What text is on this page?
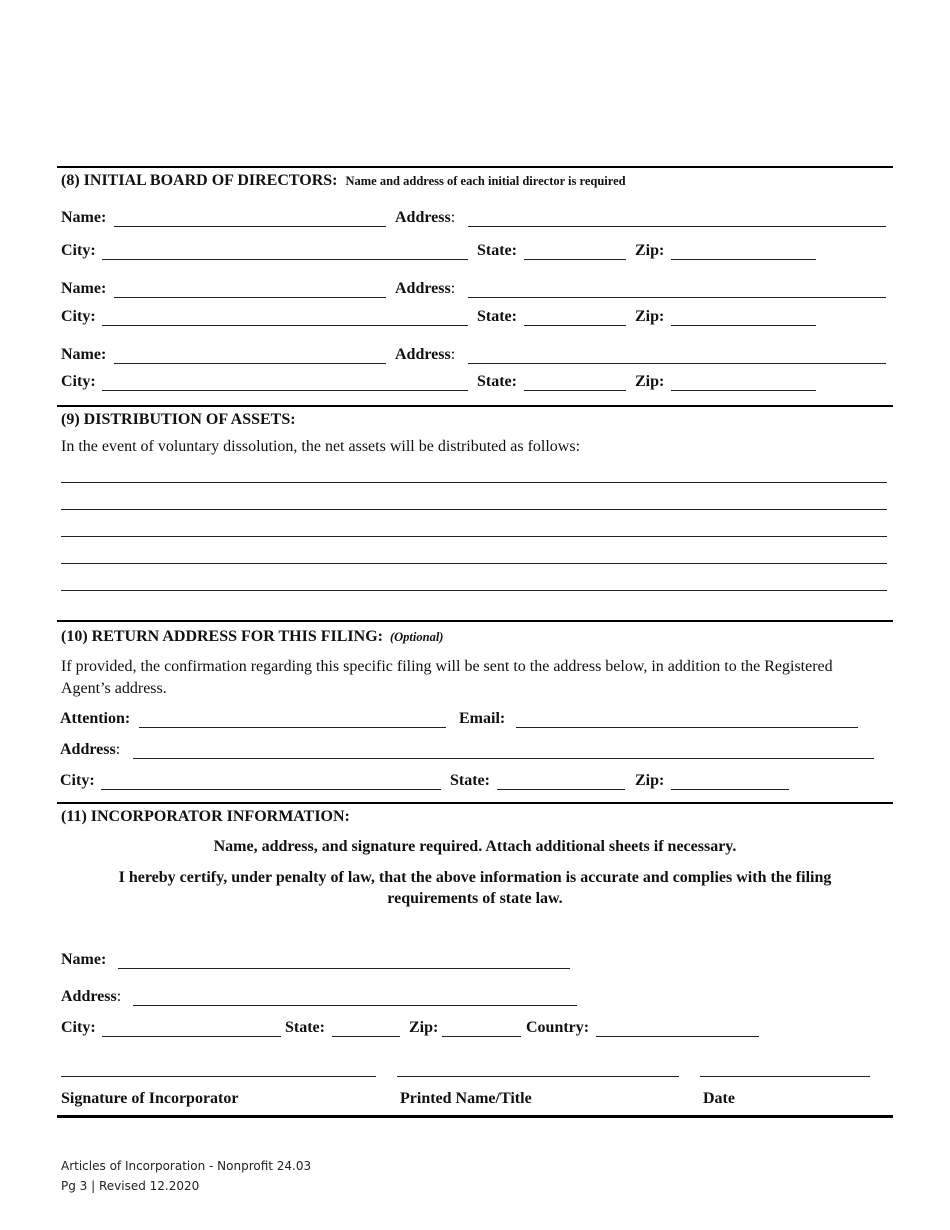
(8) INITIAL BOARD OF DIRECTORS: Name and address of each initial director is required
Name:	Address:
City:	State:	Zip:
Name:	Address:
City:	State:	Zip:
Name:	Address:
City:	State:	Zip:
(9) DISTRIBUTION OF ASSETS:
In the event of voluntary dissolution, the net assets will be distributed as follows:
(10) RETURN ADDRESS FOR THIS FILING: (Optional)
If provided, the confirmation regarding this specific filing will be sent to the address below, in addition to the Registered
Agent’s address.
Attention:	Email:
Address:
City:	State:	Zip:
(11) INCORPORATOR INFORMATION:
Name, address, and signature required. Attach additional sheets if necessary.
I hereby certify, under penalty of law, that the above information is accurate and complies with the filing
requirements of state law.
Name:
Address:
City:	State:	Zip:	Country:
Signature of Incorporator	Printed Name/Title	Date
Articles of Incorporation - Nonprofit 24.03
Pg 3 | Revised 12.2020
